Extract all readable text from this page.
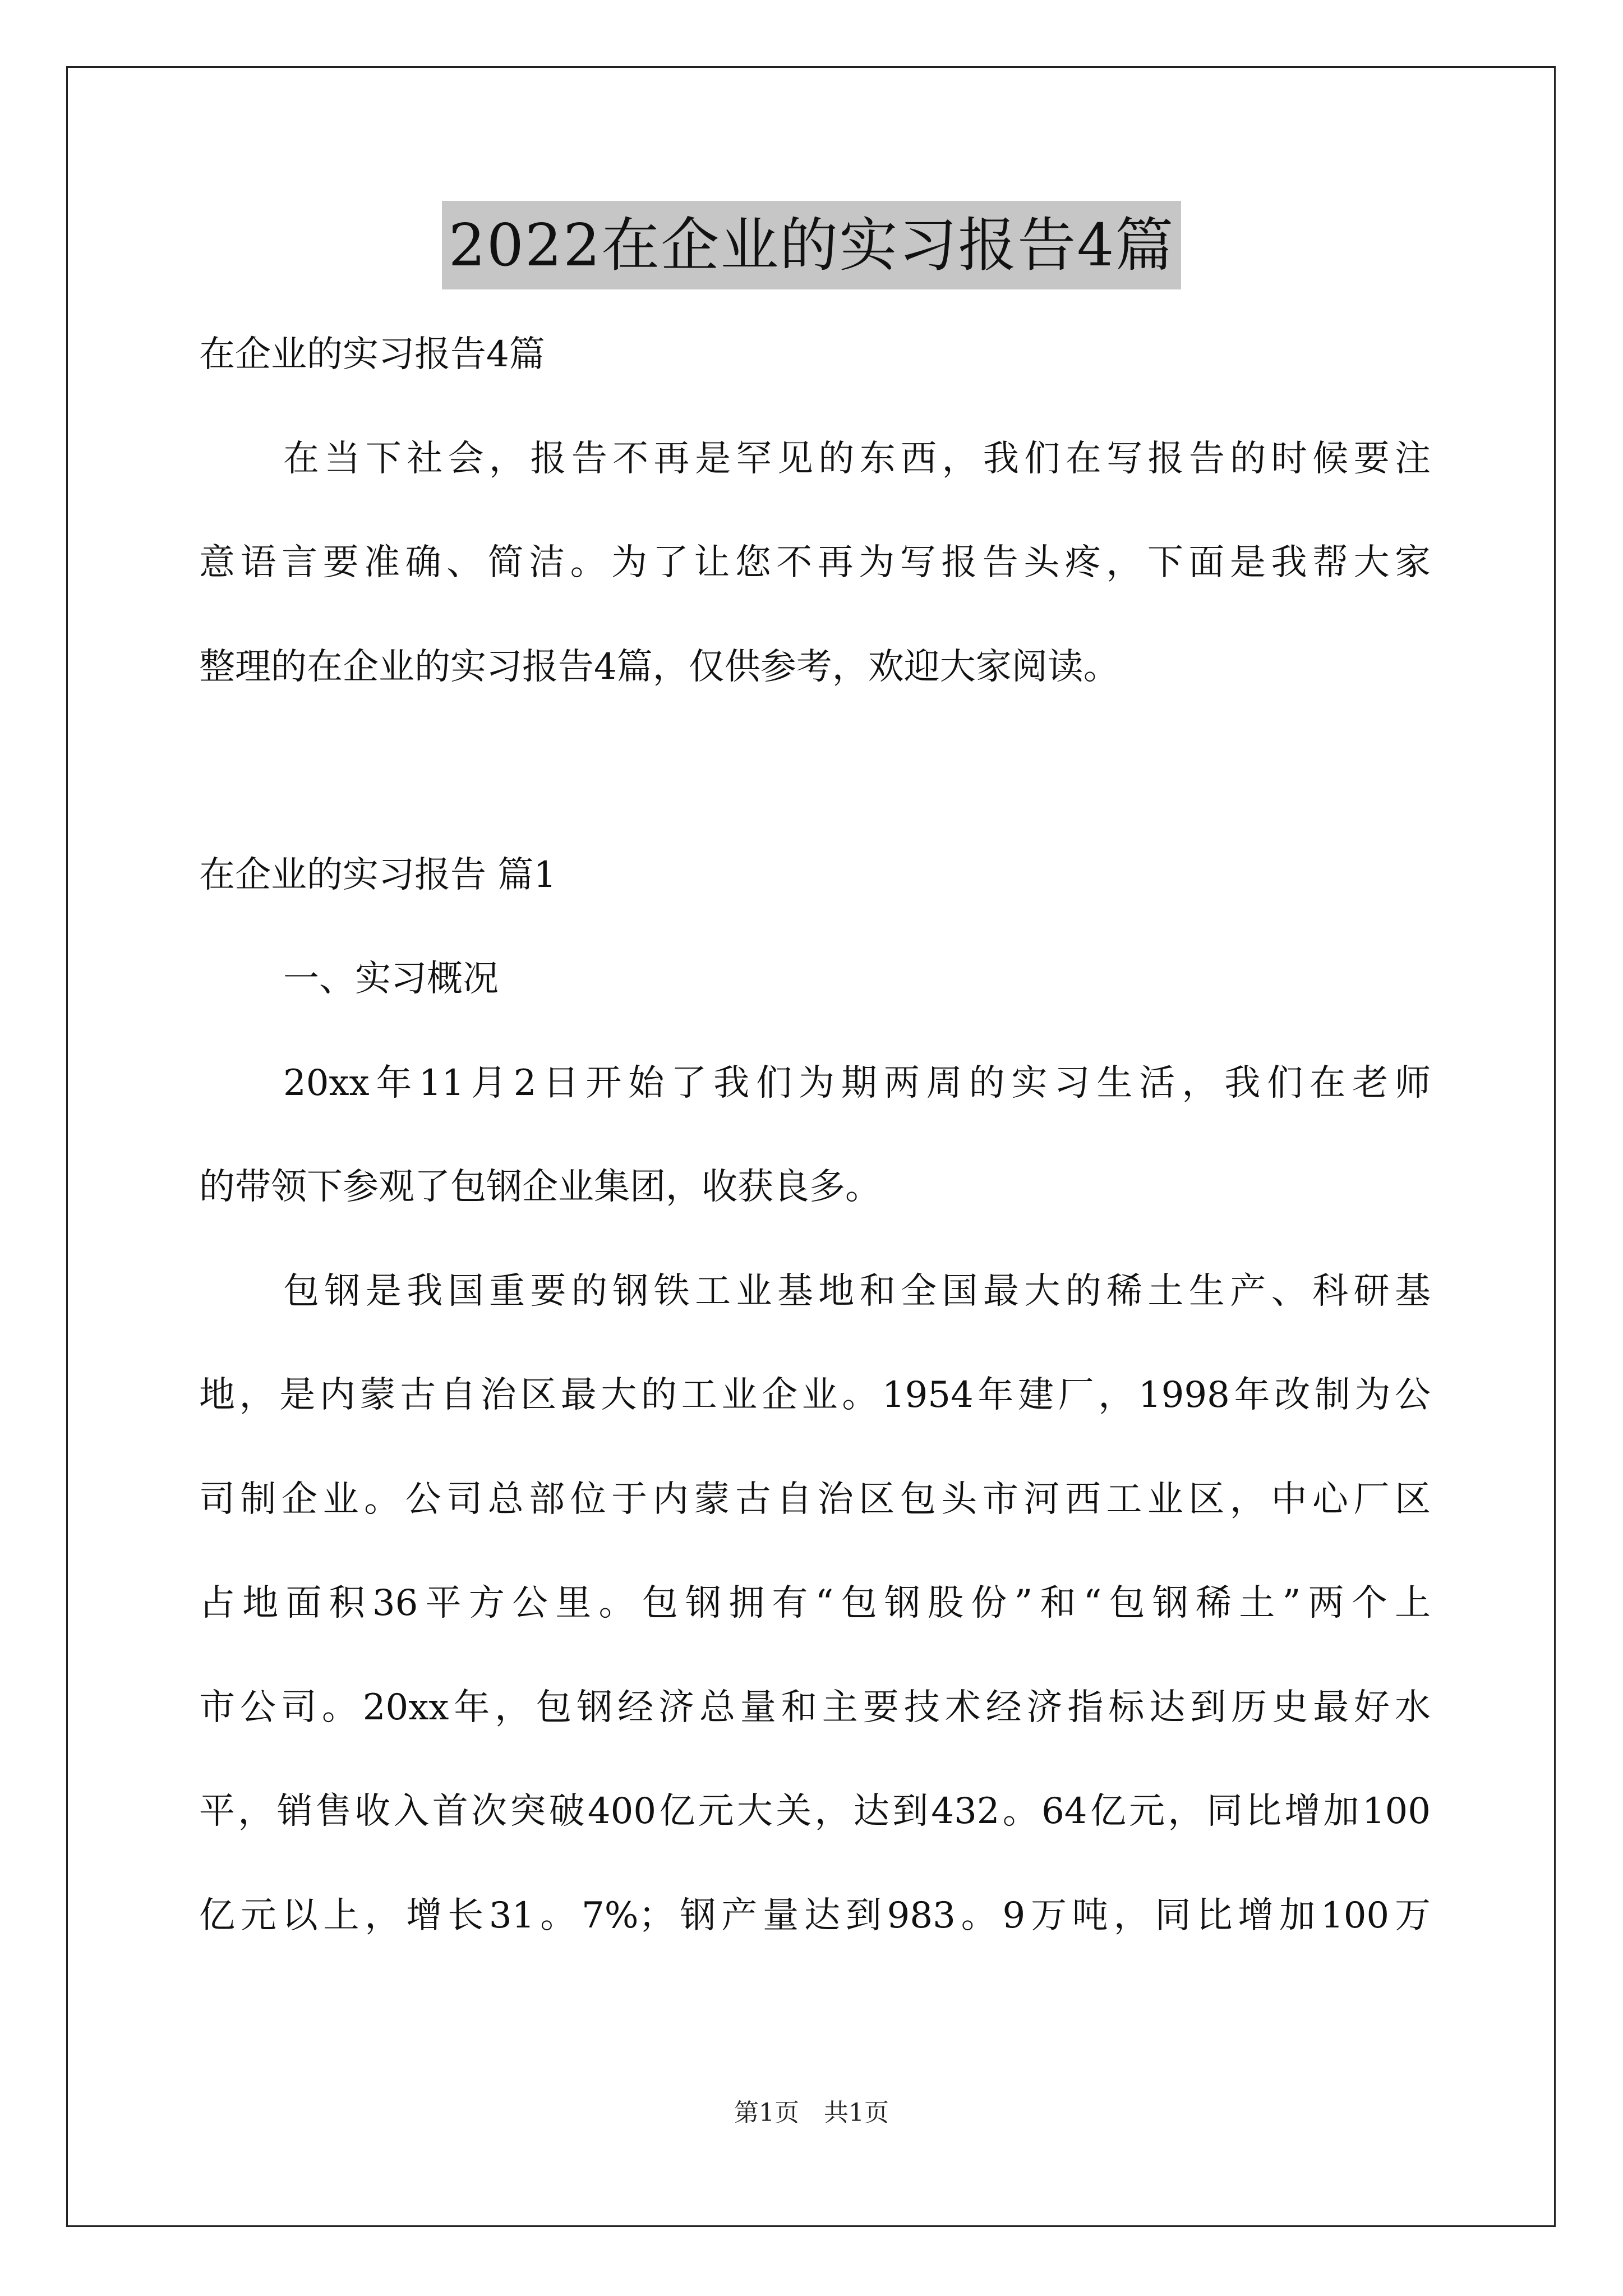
2022在企业的实习报告4篇
在企业的实习报告4篇
在当下社会，报告不再是罕见的东西，我们在写报告的时候要注
意语言要准确、简洁。为了让您不再为写报告头疼，下面是我帮大家
整理的在企业的实习报告4篇，仅供参考，欢迎大家阅读。
在企业的实习报告 篇1
一、实习概况
20xx年11月2日开始了我们为期两周的实习生活，我们在老师
的带领下参观了包钢企业集团，收获良多。
包钢是我国重要的钢铁工业基地和全国最大的稀土生产、科研基
地，是内蒙古自治区最大的工业企业。1954年建厂，1998年改制为公
司制企业。公司总部位于内蒙古自治区包头市河西工业区，中心厂区
占地面积36平方公里。包钢拥有“包钢股份”和“包钢稀土”两个上
市公司。20xx年，包钢经济总量和主要技术经济指标达到历史最好水
平，销售收入首次突破400亿元大关，达到432。64亿元，同比增加100
亿元以上，增长31。7%；钢产量达到983。9万吨，同比增加100万
第1页　共1页
